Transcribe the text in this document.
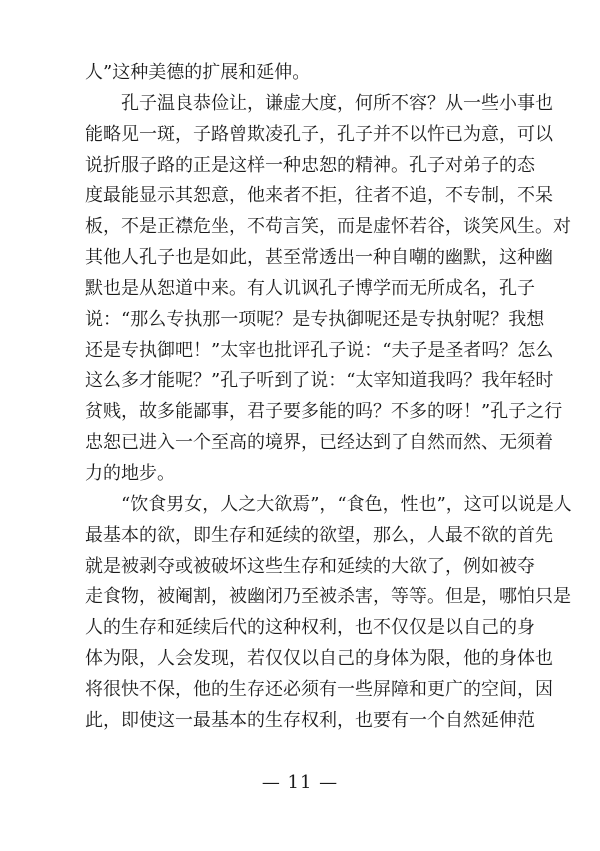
人”这种美德的扩展和延伸。
孔子温良恭俭让，谦虚大度，何所不容？从一些小事也
能略见一斑，子路曾欺凌孔子，孔子并不以忤已为意，可以
说折服子路的正是这样一种忠恕的精神。孔子对弟子的态
度最能显示其恕意，他来者不拒，往者不追，不专制，不呆
板，不是正襟危坐，不苟言笑，而是虚怀若谷，谈笑风生。对
其他人孔子也是如此，甚至常透出一种自嘲的幽默，这种幽
默也是从恕道中来。有人讥讽孔子博学而无所成名，孔子
说：“那么专执那一项呢？是专执御呢还是专执射呢？我想
还是专执御吧！”太宰也批评孔子说：“夫子是圣者吗？怎么
这么多才能呢？”孔子听到了说：“太宰知道我吗？我年轻时
贫贱，故多能鄙事，君子要多能的吗？不多的呀！”孔子之行
忠恕已进入一个至高的境界，已经达到了自然而然、无须着
力的地步。
“饮食男女，人之大欲焉”，“食色，性也”，这可以说是人
最基本的欲，即生存和延续的欲望，那么，人最不欲的首先
就是被剥夺或被破坏这些生存和延续的大欲了，例如被夺
走食物，被阉割，被幽闭乃至被杀害，等等。但是，哪怕只是
人的生存和延续后代的这种权利，也不仅仅是以自己的身
体为限，人会发现，若仅仅以自己的身体为限，他的身体也
将很快不保，他的生存还必须有一些屏障和更广的空间，因
此，即使这一最基本的生存权利，也要有一个自然延伸范
— 11 —
